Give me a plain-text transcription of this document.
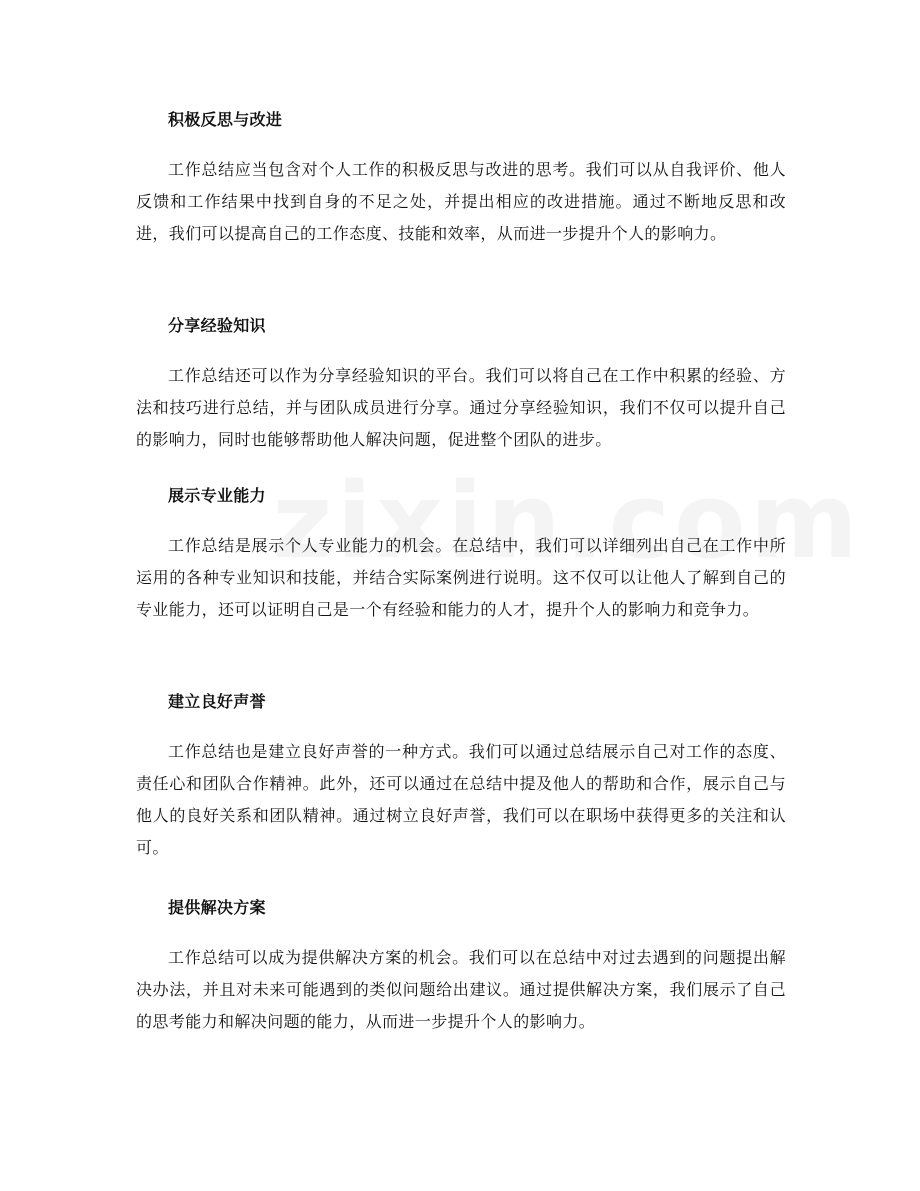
积极反思与改进

工作总结应当包含对个人工作的积极反思与改进的思考。我们可以从自我评价、他人反馈和工作结果中找到自身的不足之处，并提出相应的改进措施。通过不断地反思和改进，我们可以提高自己的工作态度、技能和效率，从而进一步提升个人的影响力。

分享经验知识

工作总结还可以作为分享经验知识的平台。我们可以将自己在工作中积累的经验、方法和技巧进行总结，并与团队成员进行分享。通过分享经验知识，我们不仅可以提升自己的影响力，同时也能够帮助他人解决问题，促进整个团队的进步。

展示专业能力

工作总结是展示个人专业能力的机会。在总结中，我们可以详细列出自己在工作中所运用的各种专业知识和技能，并结合实际案例进行说明。这不仅可以让他人了解到自己的专业能力，还可以证明自己是一个有经验和能力的人才，提升个人的影响力和竞争力。

建立良好声誉

工作总结也是建立良好声誉的一种方式。我们可以通过总结展示自己对工作的态度、责任心和团队合作精神。此外，还可以通过在总结中提及他人的帮助和合作，展示自己与他人的良好关系和团队精神。通过树立良好声誉，我们可以在职场中获得更多的关注和认可。

提供解决方案

工作总结可以成为提供解决方案的机会。我们可以在总结中对过去遇到的问题提出解决办法，并且对未来可能遇到的类似问题给出建议。通过提供解决方案，我们展示了自己的思考能力和解决问题的能力，从而进一步提升个人的影响力。
